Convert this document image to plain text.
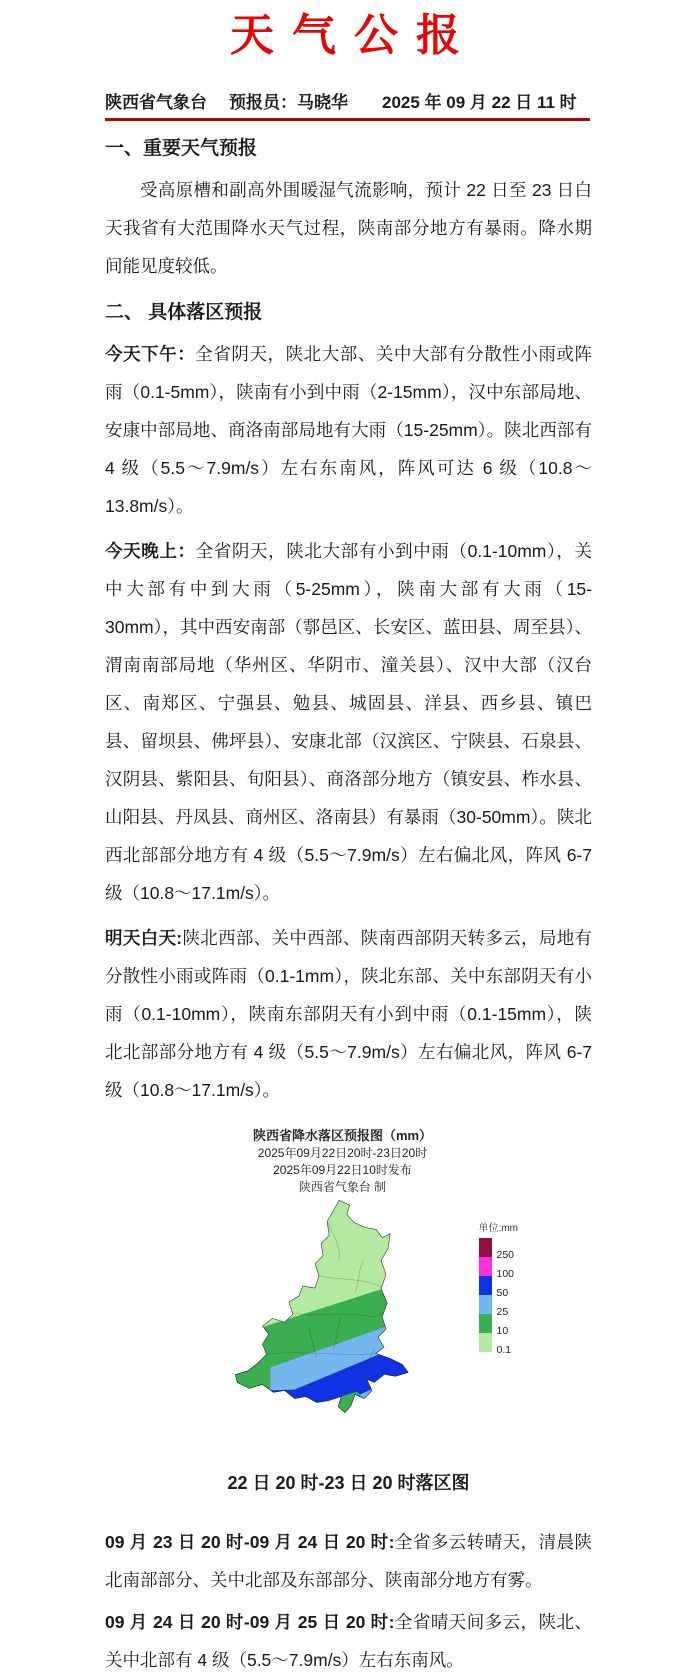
天气公报
陕西省气象台 预报员：马晓华 2025 年 09 月 22 日 11 时
一、重要天气预报

受高原槽和副高外围暖湿气流影响，预计 22 日至 23 日白天我省有大范围降水天气过程，陕南部分地方有暴雨。降水期间能见度较低。

二、 具体落区预报

今天下午：全省阴天，陕北大部、关中大部有分散性小雨或阵雨（0.1-5mm），陕南有小到中雨（2-15mm），汉中东部局地、安康中部局地、商洛南部局地有大雨（15-25mm）。陕北西部有 4 级（5.5～7.9m/s）左右东南风，阵风可达 6 级（10.8～13.8m/s）。

今天晚上：全省阴天，陕北大部有小到中雨（0.1-10mm），关中大部有中到大雨（5-25mm），陕南大部有大雨（15-30mm），其中西安南部（鄠邑区、长安区、蓝田县、周至县）、渭南南部局地（华州区、华阴市、潼关县）、汉中大部（汉台区、南郑区、宁强县、勉县、城固县、洋县、西乡县、镇巴县、留坝县、佛坪县）、安康北部（汉滨区、宁陕县、石泉县、汉阴县、紫阳县、旬阳县）、商洛部分地方（镇安县、柞水县、山阳县、丹凤县、商州区、洛南县）有暴雨（30-50mm）。陕北西北部部分地方有 4 级（5.5～7.9m/s）左右偏北风，阵风 6-7 级（10.8～17.1m/s）。

明天白天:陕北西部、关中西部、陕南西部阴天转多云，局地有分散性小雨或阵雨（0.1-1mm），陕北东部、关中东部阴天有小雨（0.1-10mm），陕南东部阴天有小到中雨（0.1-15mm），陕北北部部分地方有 4 级（5.5～7.9m/s）左右偏北风，阵风 6-7 级（10.8～17.1m/s）。

陕西省降水落区预报图（mm）
2025年09月22日20时-23日20时
2025年09月22日10时发布
陕西省气象台 制
单位:mm
250
100
50
25
10
0.1
22 日 20 时-23 日 20 时落区图

09 月 23 日 20 时-09 月 24 日 20 时:全省多云转晴天，清晨陕北南部部分、关中北部及东部部分、陕南部分地方有雾。

09 月 24 日 20 时-09 月 25 日 20 时:全省晴天间多云，陕北、关中北部有 4 级（5.5～7.9m/s）左右东南风。
